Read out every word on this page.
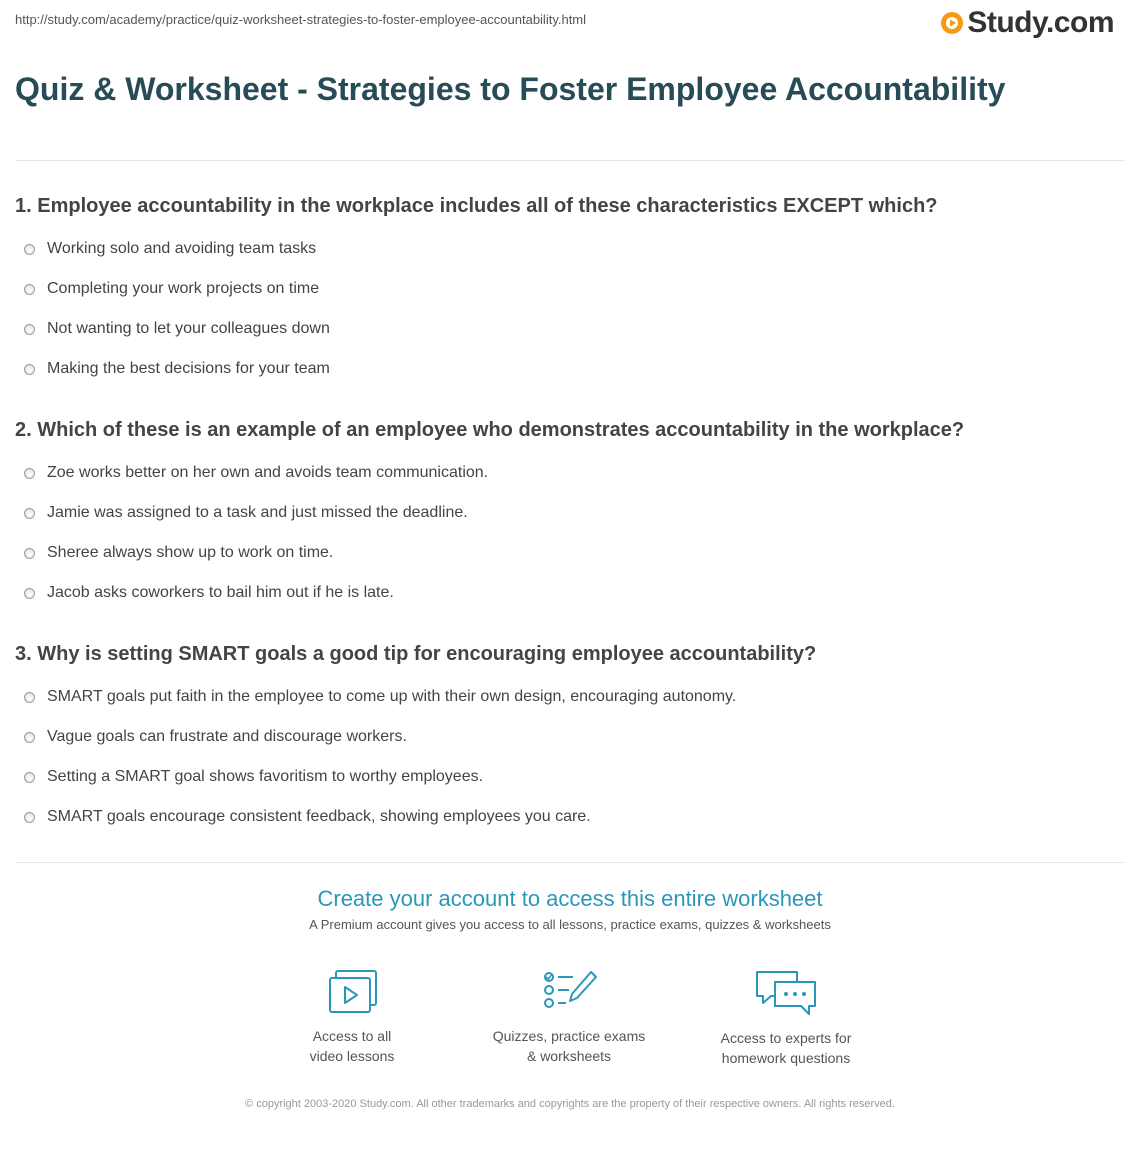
http://study.com/academy/practice/quiz-worksheet-strategies-to-foster-employee-accountability.html	Study.com
Quiz & Worksheet - Strategies to Foster Employee Accountability

1. Employee accountability in the workplace includes all of these characteristics EXCEPT which?

Working solo and avoiding team tasks
Completing your work projects on time
Not wanting to let your colleagues down
Making the best decisions for your team

2. Which of these is an example of an employee who demonstrates accountability in the workplace?

Zoe works better on her own and avoids team communication.
Jamie was assigned to a task and just missed the deadline.
Sheree always show up to work on time.
Jacob asks coworkers to bail him out if he is late.

3. Why is setting SMART goals a good tip for encouraging employee accountability?

SMART goals put faith in the employee to come up with their own design, encouraging autonomy.
Vague goals can frustrate and discourage workers.
Setting a SMART goal shows favoritism to worthy employees.
SMART goals encourage consistent feedback, showing employees you care.
Create your account to access this entire worksheet
A Premium account gives you access to all lessons, practice exams, quizzes & worksheets
Access to all
video lessons
Quizzes, practice exams
& worksheets
Access to experts for
homework questions
© copyright 2003-2020 Study.com. All other trademarks and copyrights are the property of their respective owners. All rights reserved.
